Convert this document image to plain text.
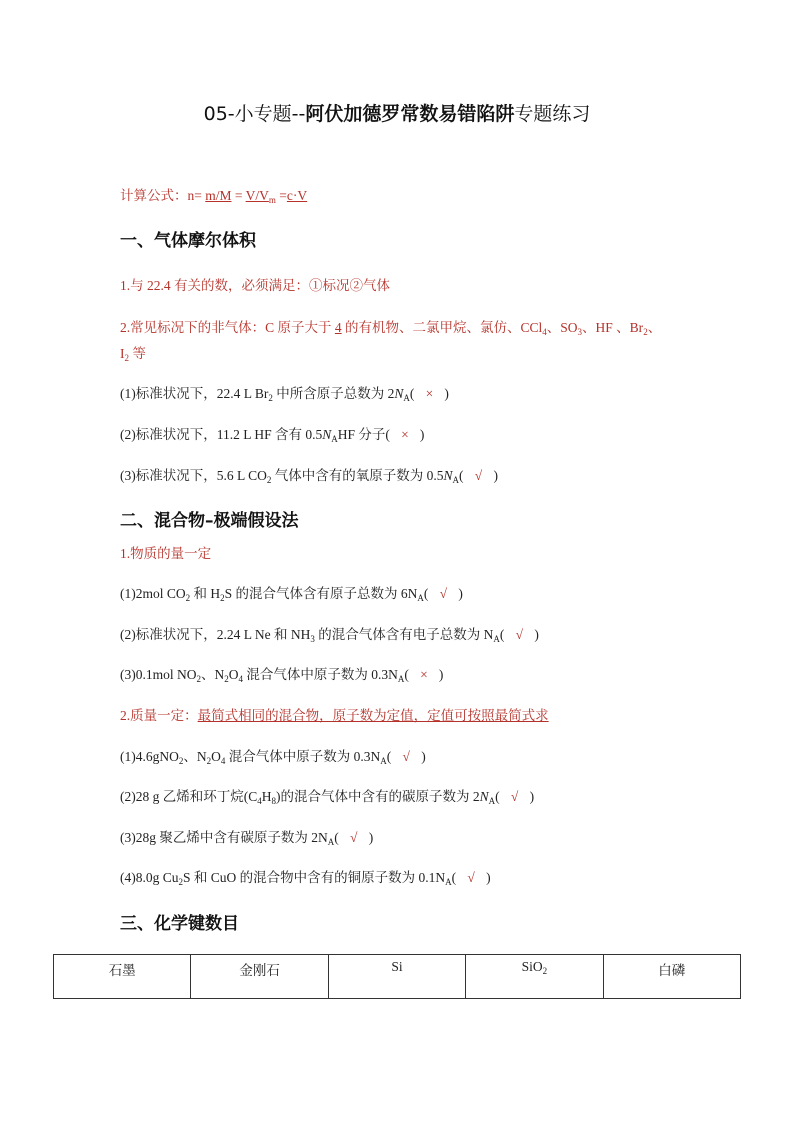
05-小专题--阿伏加德罗常数易错陷阱专题练习
计算公式：$n= m/M = V/V_m =c\cdot V$
一、气体摩尔体积
1.与 22.4 有关的数，必须满足：①标况②气体
2.常见标况下的非气体：C 原子大于 4 的有机物、二氯甲烷、氯仿、CCl$_4$、$SO_3$、HF 、$Br_2$、
$I_2$ 等
(1)标准状况下，22.4 L $Br_2$ 中所含原子总数为 $2N_A$( × )
(2)标准状况下，11.2 L HF 含有 $0.5N_AHF$ 分子( × )
(3)标准状况下，5.6 L $CO_2$ 气体中含有的氧原子数为 $0.5N_A$( √ )
二、混合物–极端假设法
1.物质的量一定
(1)2mol $CO_2$ 和 $H_2S$ 的混合气体含有原子总数为 $6N_A$( √ )
(2)标准状况下，2.24 L Ne 和 $NH_3$ 的混合气体含有电子总数为 $N_A$( √ )
(3)0.1mol $NO_2$、$N_2O_4$ 混合气体中原子数为 $0.3N_A$( × )
2.质量一定：最简式相同的混合物，原子数为定值，定值可按照最简式求
(1)4.6gNO$_2$、$N_2O_4$ 混合气体中原子数为 $0.3N_A$( √ )
(2)28 g 乙烯和环丁烷$(C_4H_8)$的混合气体中含有的碳原子数为 $2N_A$( √ )
(3)28g 聚乙烯中含有碳原子数为 $2N_A$( √ )
(4)8.0g $Cu_2S$ 和 CuO 的混合物中含有的铜原子数为 $0.1N_A$( √ )
三、化学键数目
石墨	金刚石	Si	SiO$_2$	白磷
